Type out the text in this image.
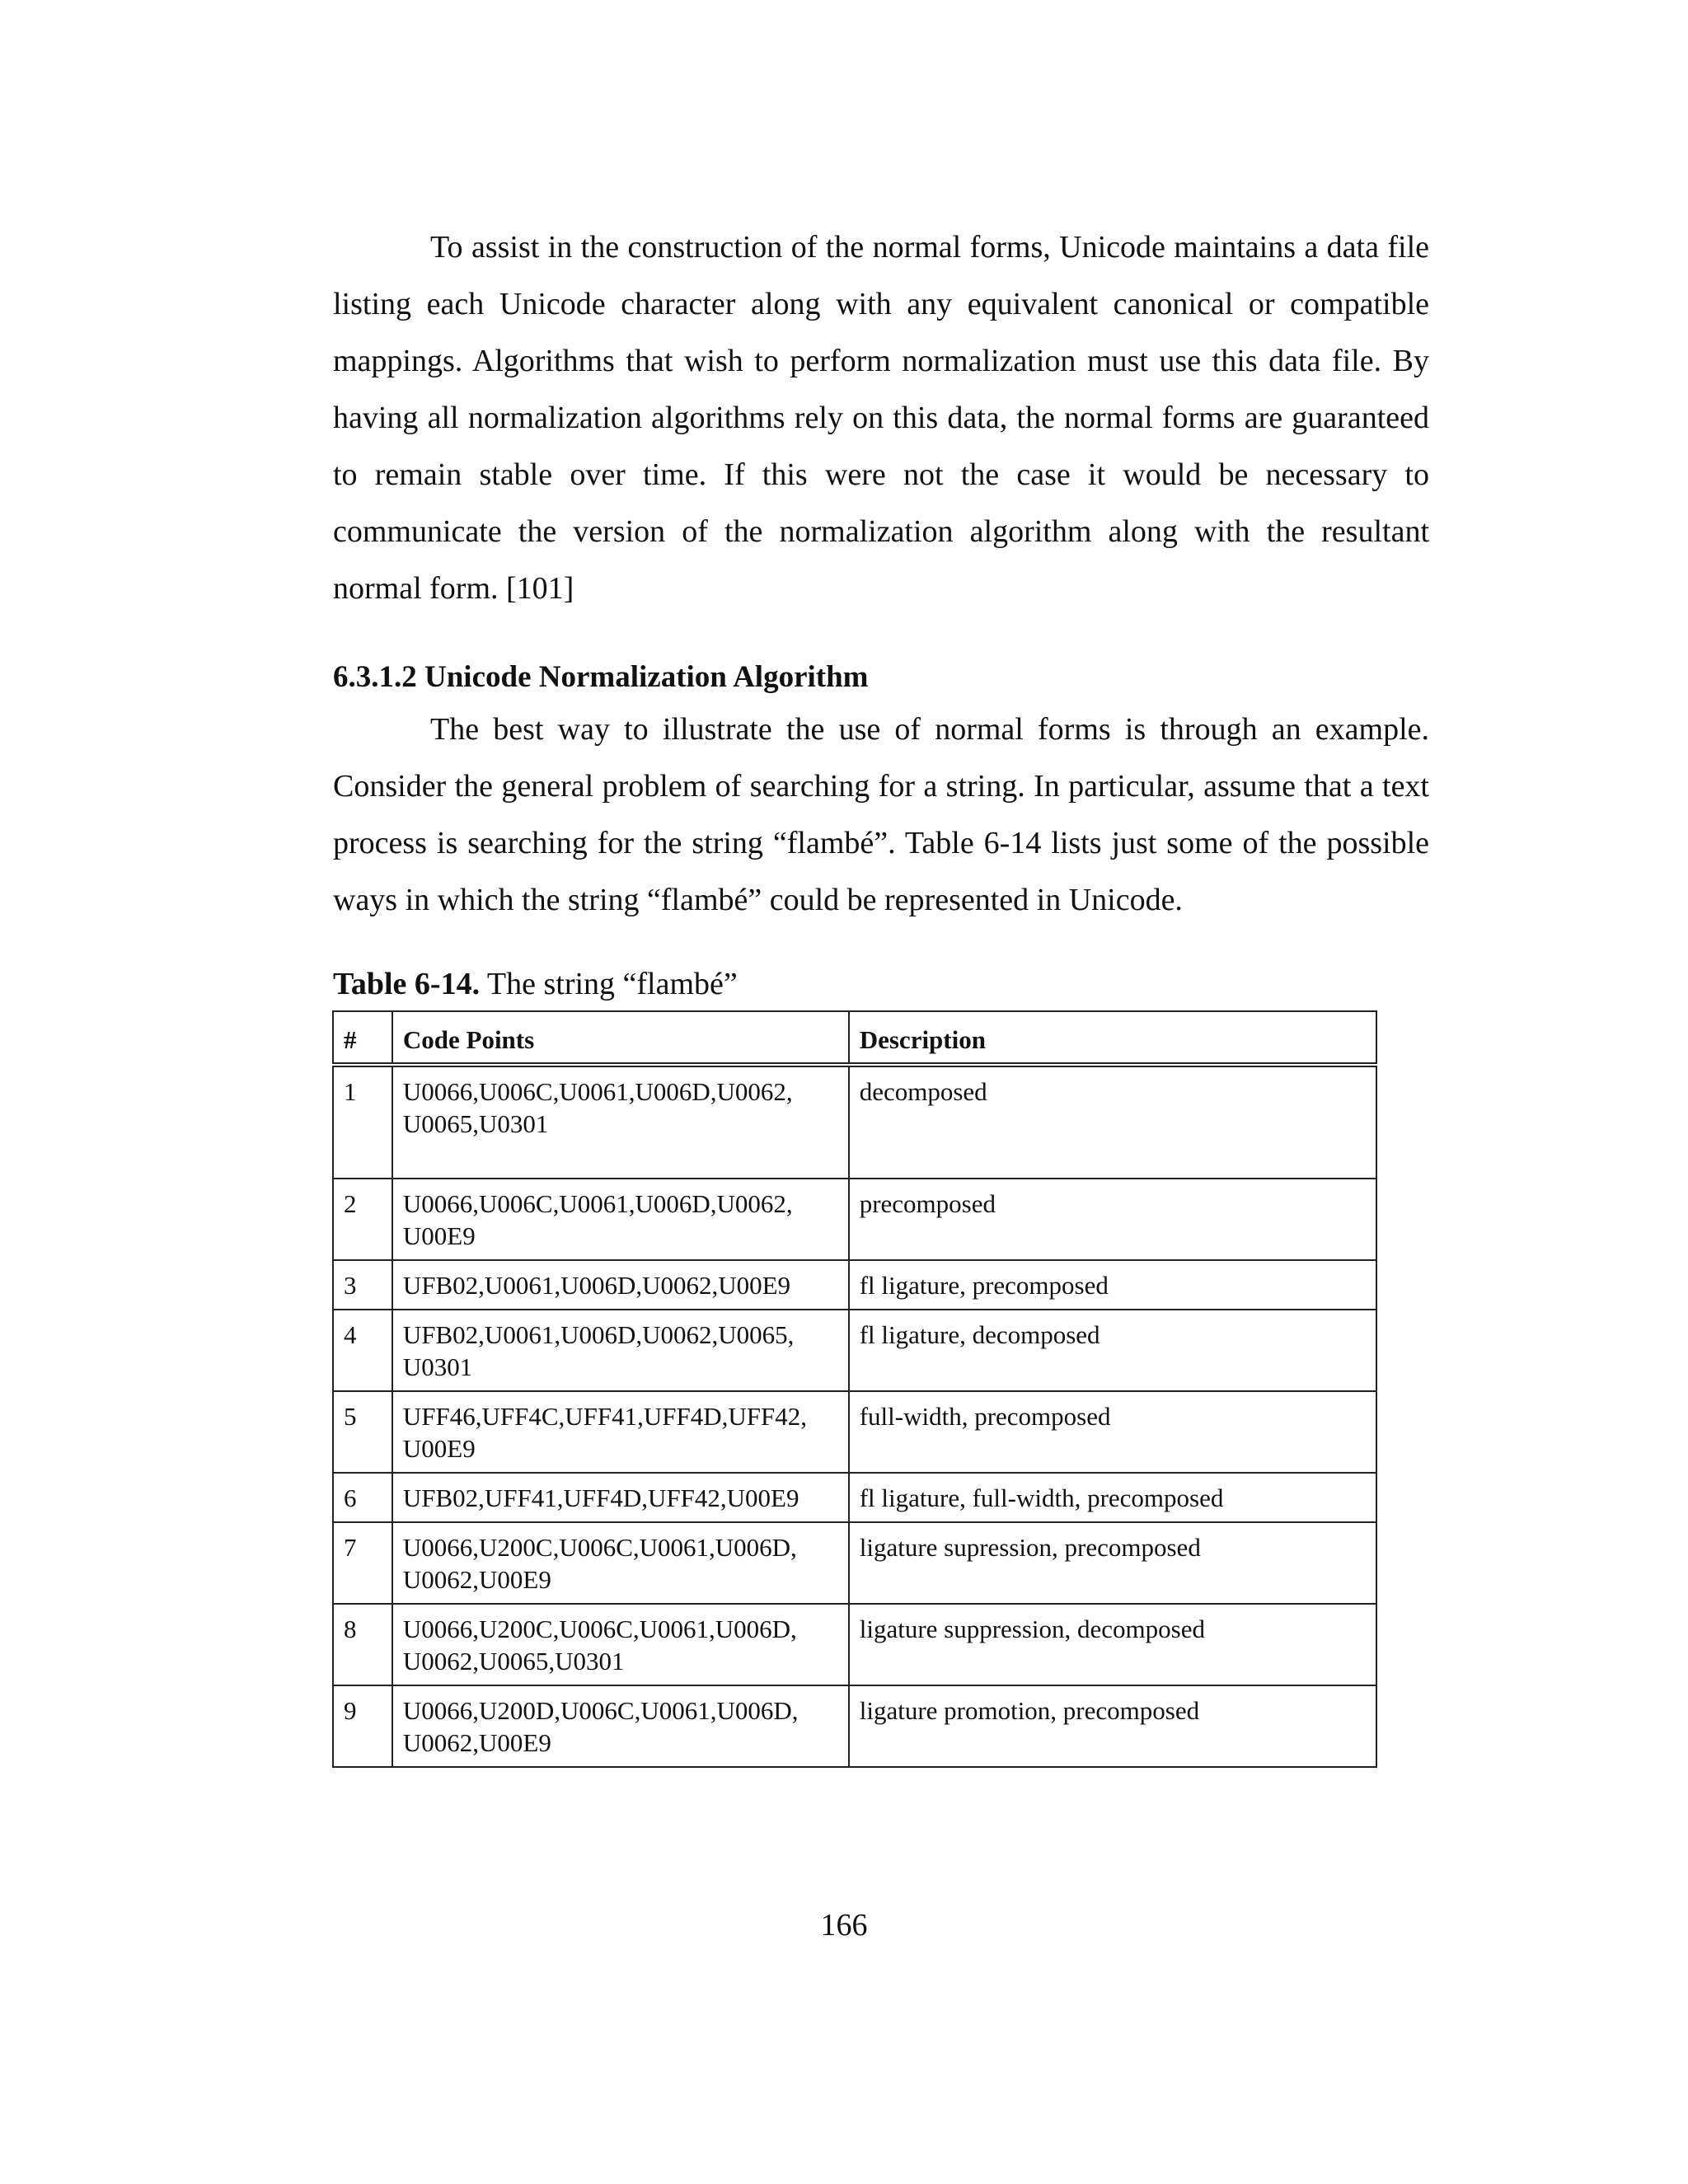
To assist in the construction of the normal forms, Unicode maintains a data file listing each Unicode character along with any equivalent canonical or compatible mappings. Algorithms that wish to perform normalization must use this data file. By having all normalization algorithms rely on this data, the normal forms are guaranteed to remain stable over time. If this were not the case it would be necessary to communicate the version of the normalization algorithm along with the resultant normal form. [101]

6.3.1.2 Unicode Normalization Algorithm

The best way to illustrate the use of normal forms is through an example. Consider the general problem of searching for a string. In particular, assume that a text process is searching for the string “flambé”. Table 6-14 lists just some of the possible ways in which the string “flambé” could be represented in Unicode.

Table 6-14. The string “flambé”

#	Code Points	Description
1	U0066,U006C,U0061,U006D,U0062, U0065,U0301	decomposed
2	U0066,U006C,U0061,U006D,U0062, U00E9	precomposed
3	UFB02,U0061,U006D,U0062,U00E9	fl ligature, precomposed
4	UFB02,U0061,U006D,U0062,U0065, U0301	fl ligature, decomposed
5	UFF46,UFF4C,UFF41,UFF4D,UFF42, U00E9	full-width, precomposed
6	UFB02,UFF41,UFF4D,UFF42,U00E9	fl ligature, full-width, precomposed
7	U0066,U200C,U006C,U0061,U006D, U0062,U00E9	ligature supression, precomposed
8	U0066,U200C,U006C,U0061,U006D, U0062,U0065,U0301	ligature suppression, decomposed
9	U0066,U200D,U006C,U0061,U006D, U0062,U00E9	ligature promotion, precomposed

166
